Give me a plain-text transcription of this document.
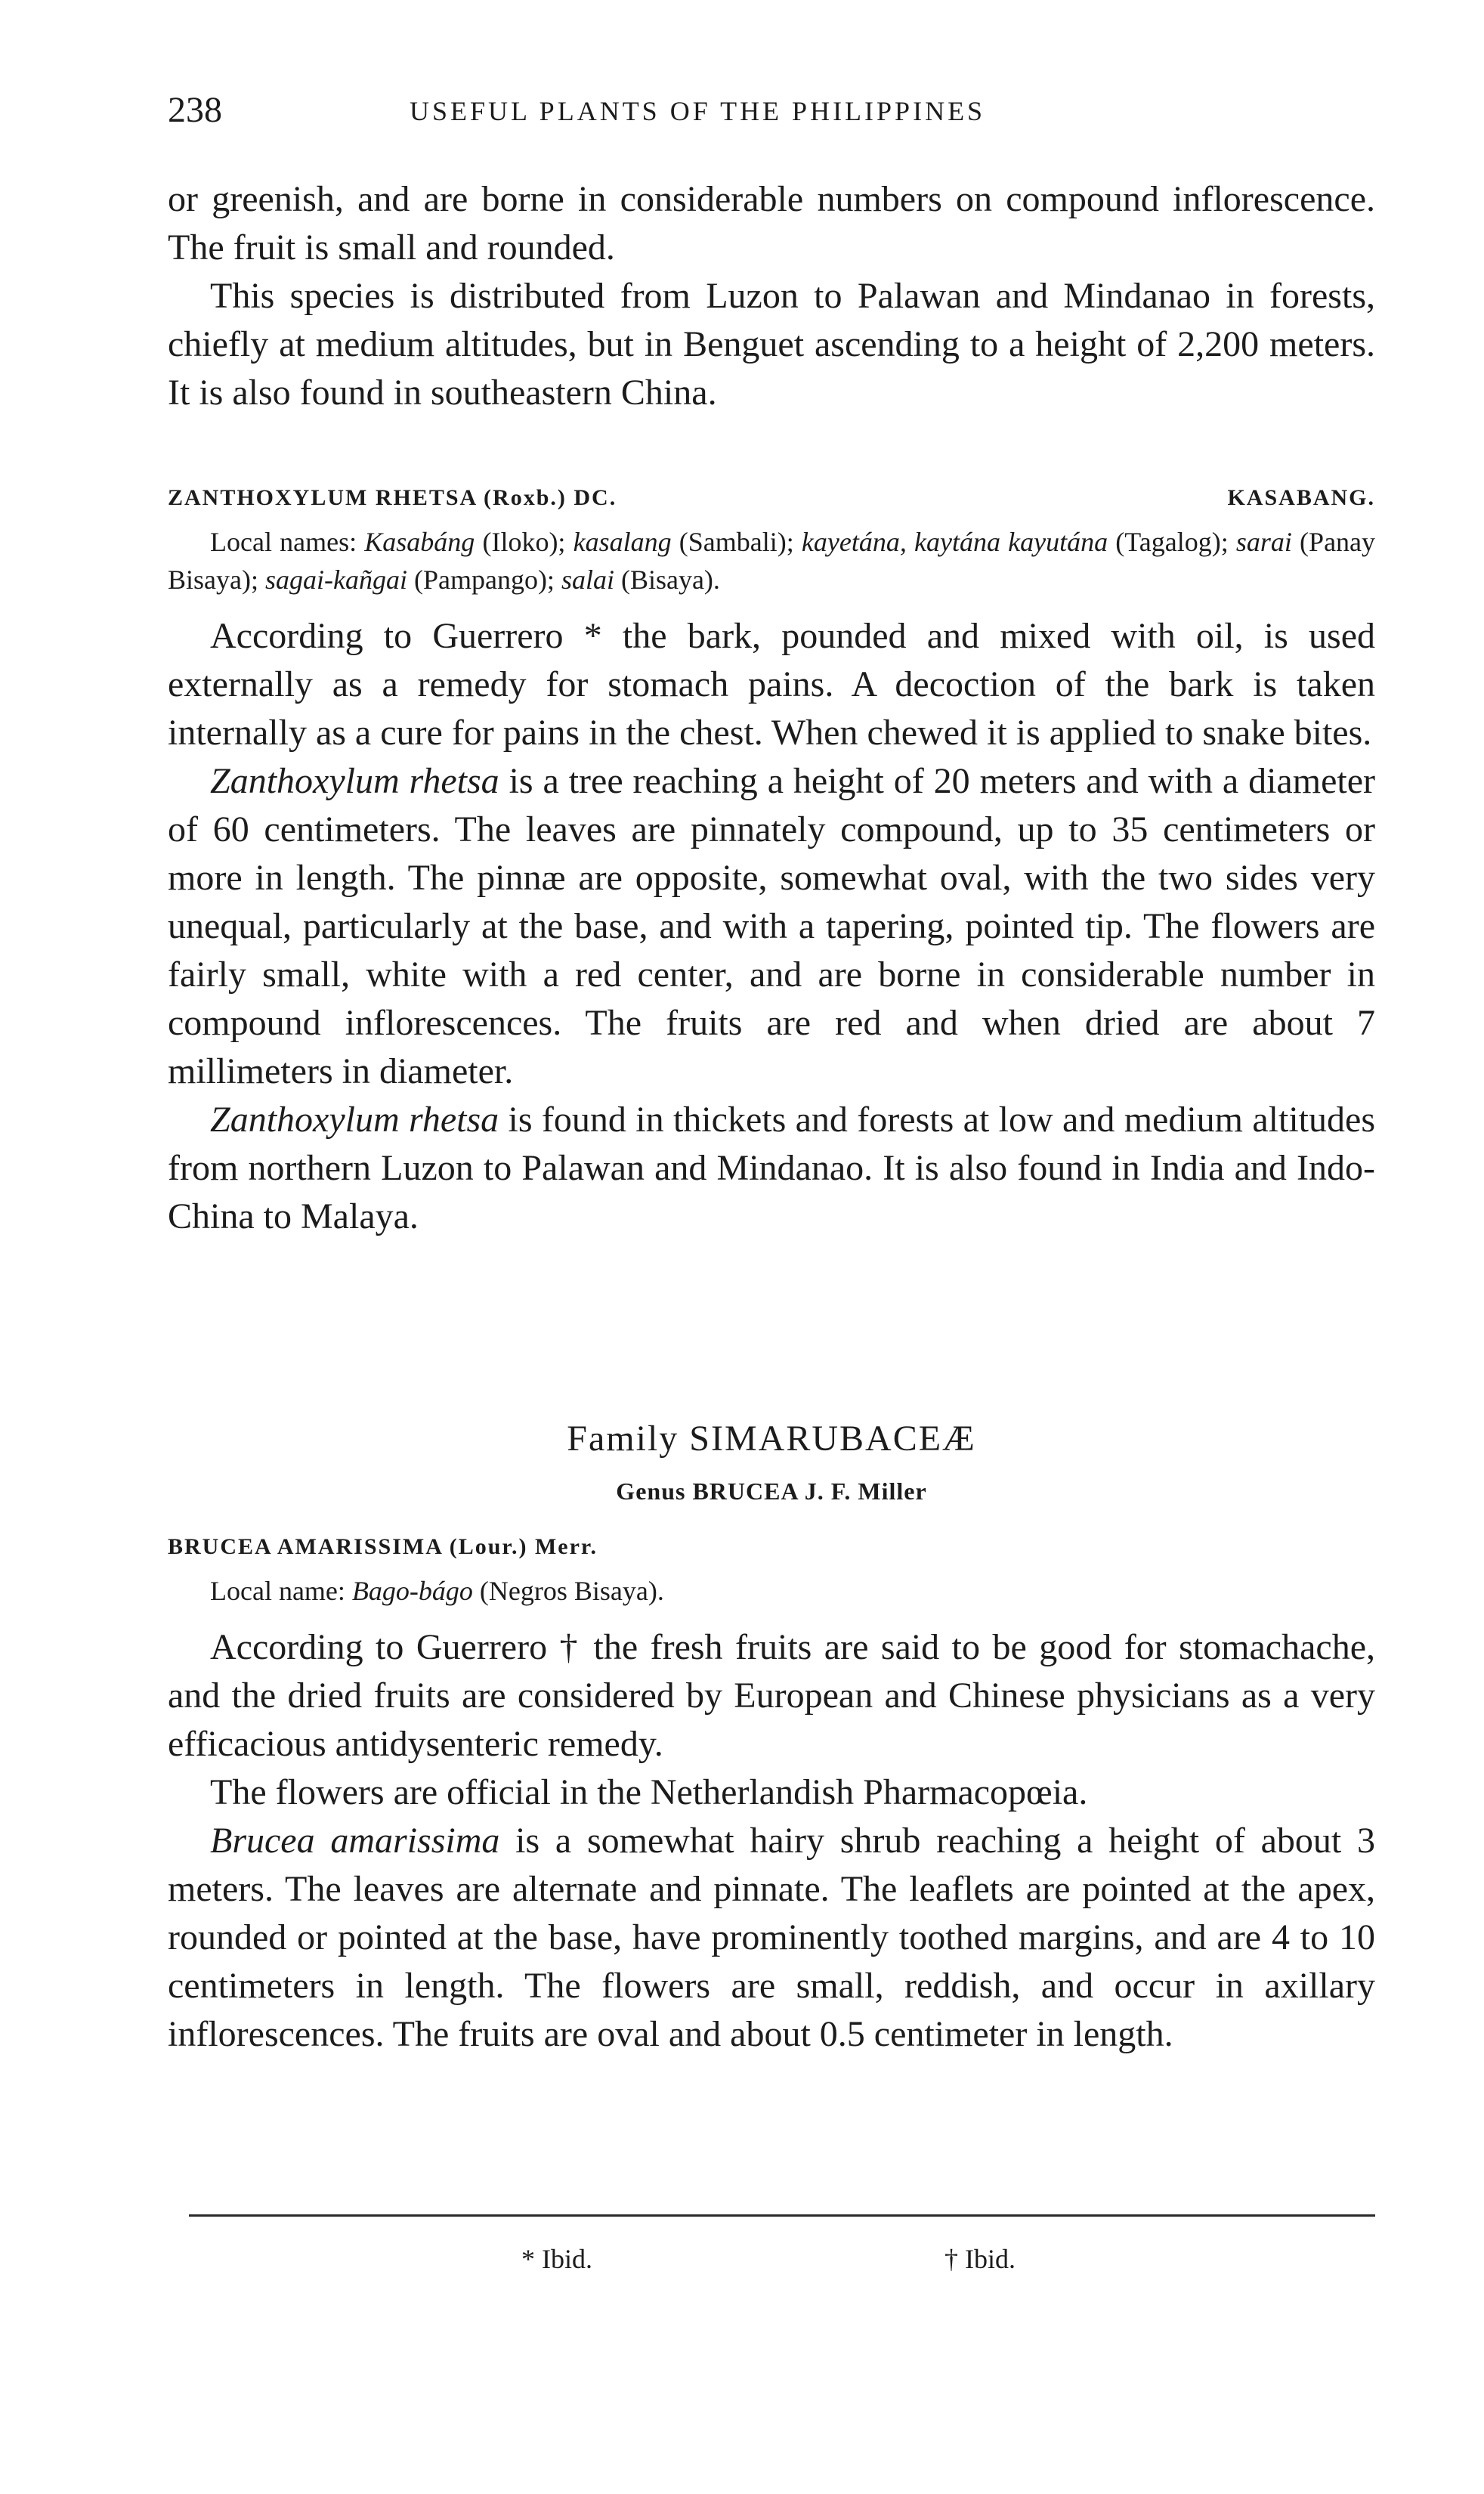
238	USEFUL PLANTS OF THE PHILIPPINES

or greenish, and are borne in considerable numbers on compound inflorescence. The fruit is small and rounded.

This species is distributed from Luzon to Palawan and Mindanao in forests, chiefly at medium altitudes, but in Benguet ascending to a height of 2,200 meters. It is also found in southeastern China.

ZANTHOXYLUM RHETSA (Roxb.) DC.	KASABANG.

Local names: Kasabáng (Iloko); kasalang (Sambali); kayetána, kaytána kayutána (Tagalog); sarai (Panay Bisaya); sagai-kañgai (Pampango); salai (Bisaya).

According to Guerrero * the bark, pounded and mixed with oil, is used externally as a remedy for stomach pains. A decoction of the bark is taken internally as a cure for pains in the chest. When chewed it is applied to snake bites.

Zanthoxylum rhetsa is a tree reaching a height of 20 meters and with a diameter of 60 centimeters. The leaves are pinnately compound, up to 35 centimeters or more in length. The pinnæ are opposite, somewhat oval, with the two sides very unequal, particularly at the base, and with a tapering, pointed tip. The flowers are fairly small, white with a red center, and are borne in considerable number in compound inflorescences. The fruits are red and when dried are about 7 millimeters in diameter.

Zanthoxylum rhetsa is found in thickets and forests at low and medium altitudes from northern Luzon to Palawan and Mindanao. It is also found in India and Indo-China to Malaya.

Family SIMARUBACEÆ
Genus BRUCEA J. F. Miller
BRUCEA AMARISSIMA (Lour.) Merr.

Local name: Bago-bágo (Negros Bisaya).

According to Guerrero † the fresh fruits are said to be good for stomachache, and the dried fruits are considered by European and Chinese physicians as a very efficacious antidysenteric remedy.

The flowers are official in the Netherlandish Pharmacopœia.

Brucea amarissima is a somewhat hairy shrub reaching a height of about 3 meters. The leaves are alternate and pinnate. The leaflets are pointed at the apex, rounded or pointed at the base, have prominently toothed margins, and are 4 to 10 centimeters in length. The flowers are small, reddish, and occur in axillary inflorescences. The fruits are oval and about 0.5 centimeter in length.

* Ibid.	† Ibid.
